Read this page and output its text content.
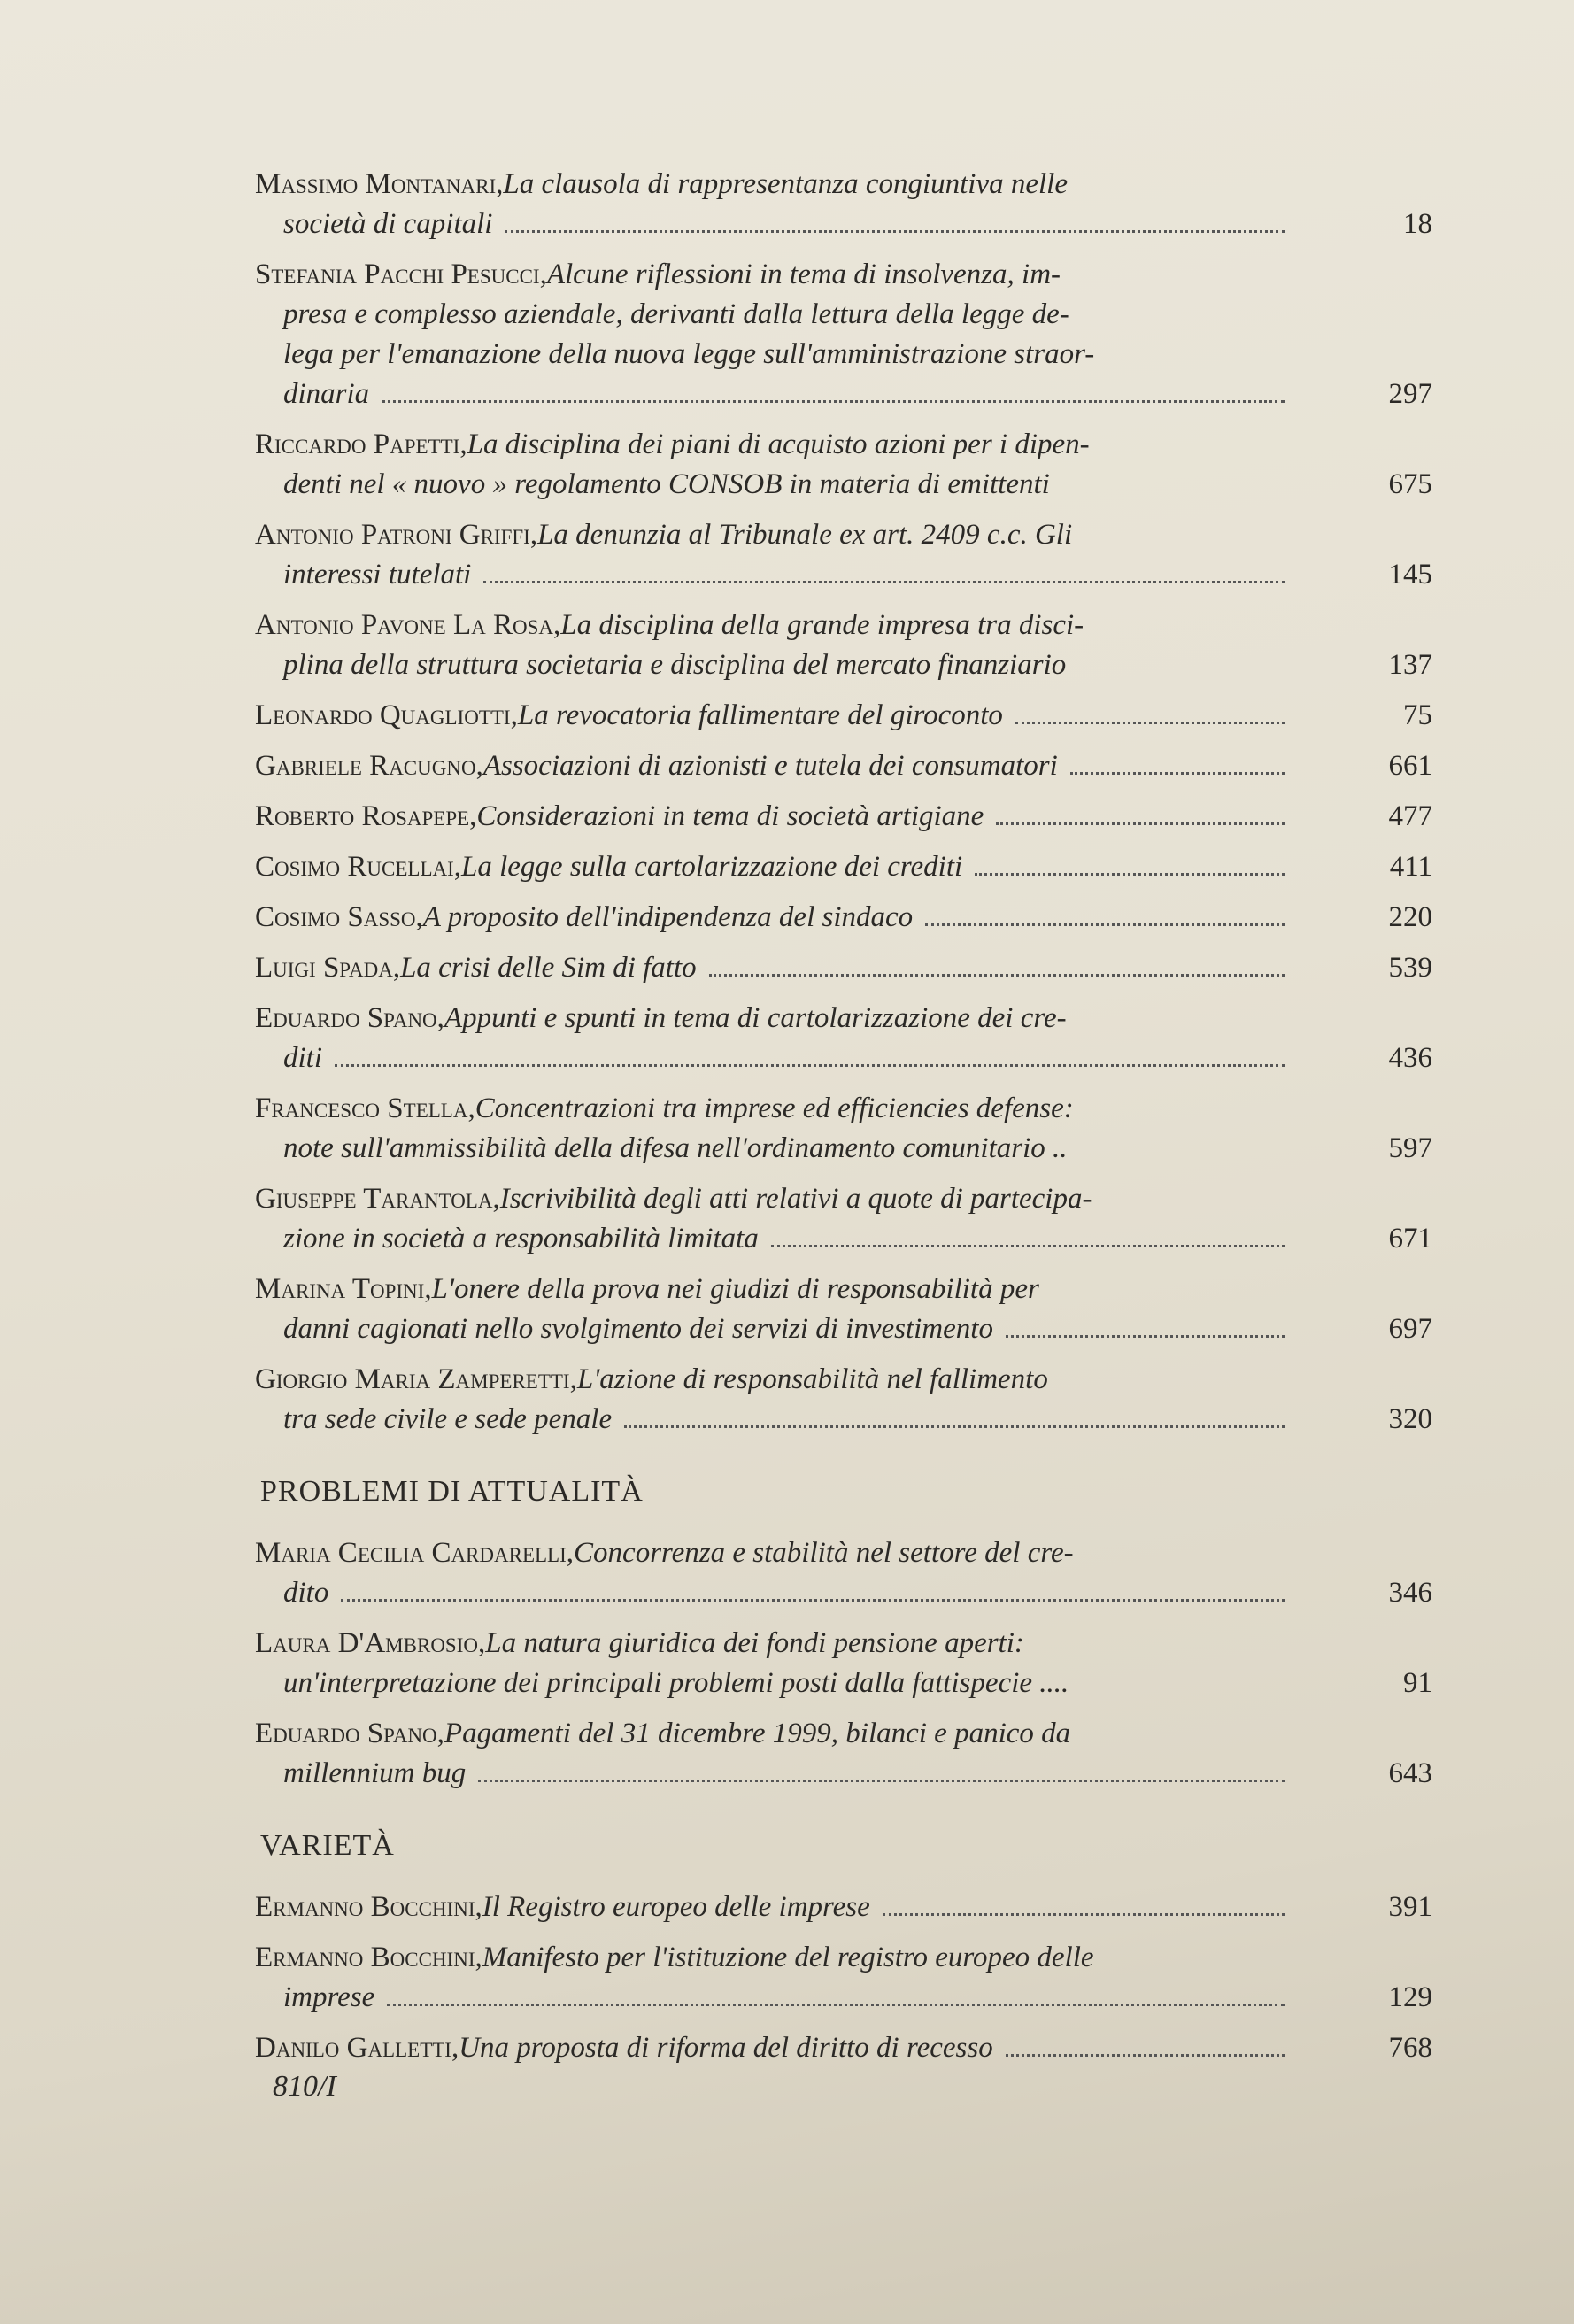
Massimo Montanari , La clausola di rappresentanza congiuntiva nelle
società di capitali	18
Stefania Pacchi Pesucci , Alcune riflessioni in tema di insolvenza, im-
presa e complesso aziendale, derivanti dalla lettura della legge de-
lega per l'emanazione della nuova legge sull'amministrazione straor-
dinaria	297
Riccardo Papetti , La disciplina dei piani di acquisto azioni per i dipen-
denti nel « nuovo » regolamento CONSOB in materia di emittenti	675
Antonio Patroni Griffi , La denunzia al Tribunale ex art. 2409 c.c. Gli
interessi tutelati	145
Antonio Pavone La Rosa , La disciplina della grande impresa tra disci-
plina della struttura societaria e disciplina del mercato finanziario	137
Leonardo Quagliotti , La revocatoria fallimentare del giroconto	75
Gabriele Racugno , Associazioni di azionisti e tutela dei consumatori	661
Roberto Rosapepe , Considerazioni in tema di società artigiane	477
Cosimo Rucellai , La legge sulla cartolarizzazione dei crediti	411
Cosimo Sasso , A proposito dell'indipendenza del sindaco	220
Luigi Spada , La crisi delle Sim di fatto	539
Eduardo Spano , Appunti e spunti in tema di cartolarizzazione dei cre-
diti	436
Francesco Stella , Concentrazioni tra imprese ed efficiencies defense:
note sull'ammissibilità della difesa nell'ordinamento comunitario ..	597
Giuseppe Tarantola , Iscrivibilità degli atti relativi a quote di partecipa-
zione in società a responsabilità limitata	671
Marina Topini , L'onere della prova nei giudizi di responsabilità per
danni cagionati nello svolgimento dei servizi di investimento	697
Giorgio Maria Zamperetti , L'azione di responsabilità nel fallimento
tra sede civile e sede penale	320
PROBLEMI DI ATTUALITÀ
Maria Cecilia Cardarelli , Concorrenza e stabilità nel settore del cre-
dito	346
Laura D'Ambrosio , La natura giuridica dei fondi pensione aperti:
un'interpretazione dei principali problemi posti dalla fattispecie ....	91
Eduardo Spano , Pagamenti del 31 dicembre 1999, bilanci e panico da
millennium bug	643
VARIETÀ
Ermanno Bocchini , Il Registro europeo delle imprese	391
Ermanno Bocchini , Manifesto per l'istituzione del registro europeo delle
imprese	129
Danilo Galletti , Una proposta di riforma del diritto di recesso	768
810/I
